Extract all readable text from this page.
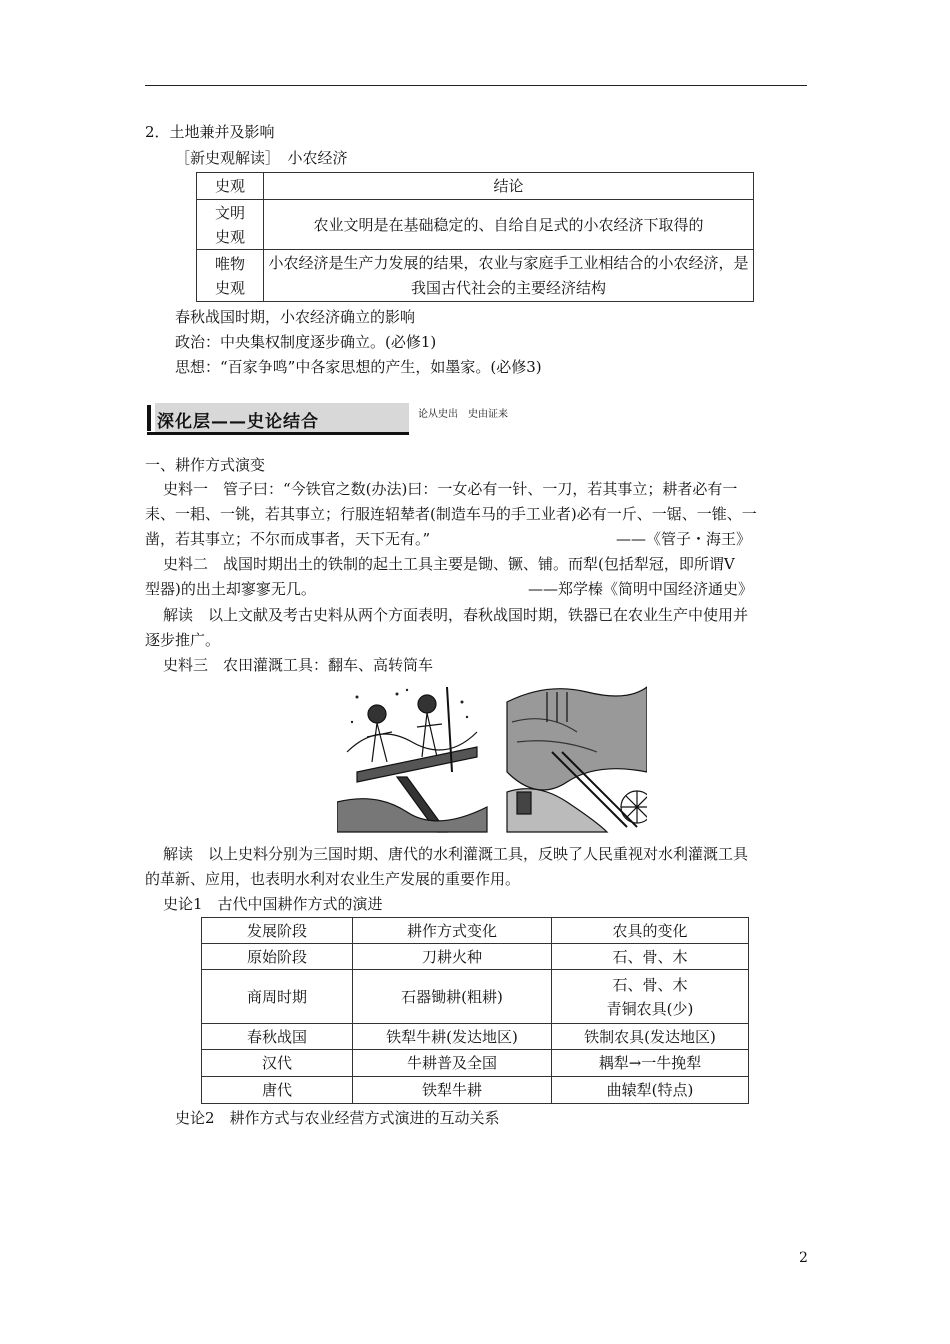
2．土地兼并及影响
［新史观解读］　小农经济
史观	结论
文明
史观	农业文明是在基础稳定的、自给自足式的小农经济下取得的
唯物
史观	小农经济是生产力发展的结果，农业与家庭手工业相结合的小农经济，是我国古代社会的主要经济结构
春秋战国时期，小农经济确立的影响
政治：中央集权制度逐步确立。(必修1)
思想：“百家争鸣”中各家思想的产生，如墨家。(必修3)
深化层——史论结合	论从史出　史由证来
一、耕作方式演变
史料一　管子曰：“今铁官之数(办法)曰：一女必有一针、一刀，若其事立；耕者必有一
耒、一耜、一铫，若其事立；行服连轺辇者(制造车马的手工业者)必有一斤、一锯、一锥、一
凿，若其事立；不尔而成事者，天下无有。”	——《管子・海王》
史料二　战国时期出土的铁制的起土工具主要是锄、镢、铺。而犁(包括犁冠，即所谓V
型器)的出土却寥寥无几。	——郑学榛《简明中国经济通史》
解读　以上文献及考古史料从两个方面表明，春秋战国时期，铁器已在农业生产中使用并
逐步推广。
史料三　农田灌溉工具：翻车、高转筒车
解读　以上史料分别为三国时期、唐代的水利灌溉工具，反映了人民重视对水利灌溉工具
的革新、应用，也表明水利对农业生产发展的重要作用。
史论1　古代中国耕作方式的演进
发展阶段	耕作方式变化	农具的变化
原始阶段	刀耕火种	石、骨、木
商周时期	石器锄耕(粗耕)	石、骨、木
青铜农具(少)
春秋战国	铁犁牛耕(发达地区)	铁制农具(发达地区)
汉代	牛耕普及全国	耦犁→一牛挽犁
唐代	铁犁牛耕	曲辕犁(特点)
史论2　耕作方式与农业经营方式演进的互动关系
2
